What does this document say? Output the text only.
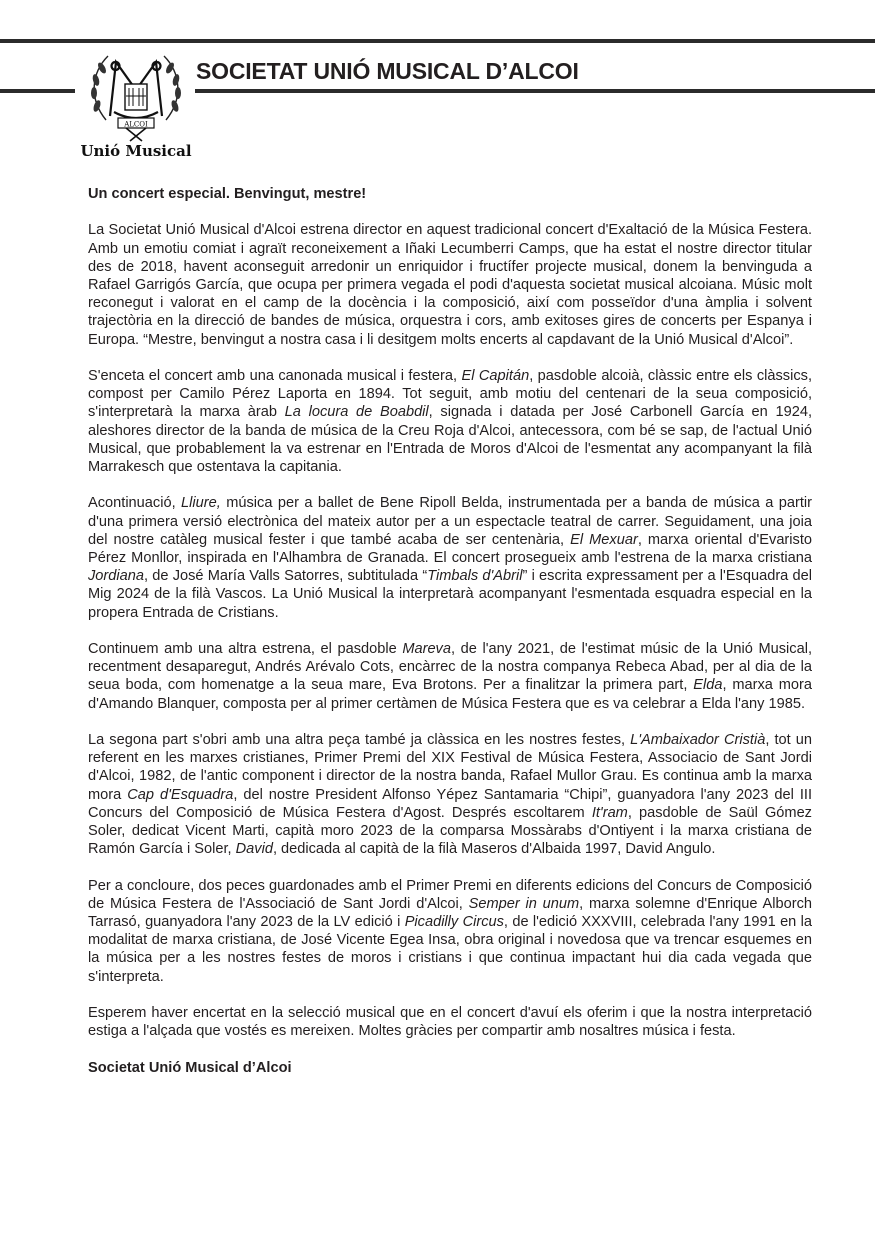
ALCOI
Unió Musical
SOCIETAT UNIÓ MUSICAL D’ALCOI

Un concert especial. Benvingut, mestre!

La Societat Unió Musical d'Alcoi estrena director en aquest tradicional concert d'Exaltació de la Música Festera. Amb un emotiu comiat i agraït reconeixement a Iñaki Lecumberri Camps, que ha estat el nostre director titular des de 2018, havent aconseguit arredonir un enriquidor i fructífer projecte musical, donem la benvinguda a Rafael Garrigós García, que ocupa per primera vegada el podi d'aquesta societat musical alcoiana. Músic molt reconegut i valorat en el camp de la docència i la composició, així com posseïdor d'una àmplia i solvent trajectòria en la direcció de bandes de música, orquestra i cors, amb exitoses gires de concerts per Espanya i Europa. “Mestre, benvingut a nostra casa i li desitgem molts encerts al capdavant de la Unió Musical d'Alcoi”.

S'enceta el concert amb una canonada musical i festera, El Capitán, pasdoble alcoià, clàssic entre els clàssics, compost per Camilo Pérez Laporta en 1894. Tot seguit, amb motiu del centenari de la seua composició, s'interpretarà la marxa àrab La locura de Boabdil, signada i datada per José Carbonell García en 1924, aleshores director de la banda de música de la Creu Roja d'Alcoi, antecessora, com bé se sap, de l'actual Unió Musical, que probablement la va estrenar en l'Entrada de Moros d'Alcoi de l'esmentat any acompanyant la filà Marrakesch que ostentava la capitania.

Acontinuació, Lliure, música per a ballet de Bene Ripoll Belda, instrumentada per a banda de música a partir d'una primera versió electrònica del mateix autor per a un espectacle teatral de carrer. Seguidament, una joia del nostre catàleg musical fester i que també acaba de ser centenària, El Mexuar, marxa oriental d'Evaristo Pérez Monllor, inspirada en l'Alhambra de Granada. El concert prosegueix amb l'estrena de la marxa cristiana Jordiana, de José María Valls Satorres, subtitulada “Timbals d'Abril” i escrita expressament per a l'Esquadra del Mig 2024 de la filà Vascos. La Unió Musical la interpretarà acompanyant l'esmentada esquadra especial en la propera Entrada de Cristians.

Continuem amb una altra estrena, el pasdoble Mareva, de l'any 2021, de l'estimat músic de la Unió Musical, recentment desaparegut, Andrés Arévalo Cots, encàrrec de la nostra companya Rebeca Abad, per al dia de la seua boda, com homenatge a la seua mare, Eva Brotons. Per a finalitzar la primera part, Elda, marxa mora d'Amando Blanquer, composta per al primer certàmen de Música Festera que es va celebrar a Elda l'any 1985.

La segona part s'obri amb una altra peça també ja clàssica en les nostres festes, L'Ambaixador Cristià, tot un referent en les marxes cristianes, Primer Premi del XIX Festival de Música Festera, Associacio de Sant Jordi d'Alcoi, 1982, de l'antic component i director de la nostra banda, Rafael Mullor Grau. Es continua amb la marxa mora Cap d'Esquadra, del nostre President Alfonso Yépez Santamaria “Chipi”, guanyadora l'any 2023 del III Concurs del Composició de Música Festera d'Agost. Després escoltarem It'ram, pasdoble de Saül Gómez Soler, dedicat Vicent Marti, capità moro 2023 de la comparsa Mossàrabs d'Ontiyent i la marxa cristiana de Ramón García i Soler, David, dedicada al capità de la filà Maseros d'Albaida 1997, David Angulo.

Per a concloure, dos peces guardonades amb el Primer Premi en diferents edicions del Concurs de Composició de Música Festera de l'Associació de Sant Jordi d'Alcoi, Semper in unum, marxa solemne d'Enrique Alborch Tarrasó, guanyadora l'any 2023 de la LV edició i Picadilly Circus, de l'edició XXXVIII, celebrada l'any 1991 en la modalitat de marxa cristiana, de José Vicente Egea Insa, obra original i novedosa que va trencar esquemes en la música per a les nostres festes de moros i cristians i que continua impactant hui dia cada vegada que s'interpreta.

Esperem haver encertat en la selecció musical que en el concert d'avuí els oferim i que la nostra interpretació estiga a l'alçada que vostés es mereixen. Moltes gràcies per compartir amb nosaltres música i festa.

Societat Unió Musical d’Alcoi
